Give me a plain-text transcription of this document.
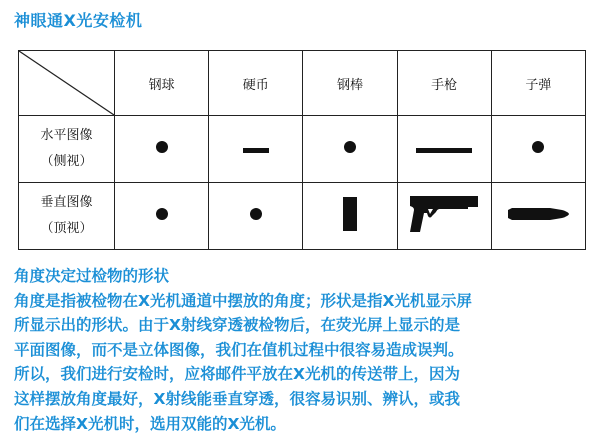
神眼通X光安检机
	钢球	硬币	钢棒	手枪	子弹

水平图像
（侧视）					

垂直图像
（顶视）

角度决定过检物的形状

角度是指被检物在X光机通道中摆放的角度；形状是指X光机显示屏

所显示出的形状。由于X射线穿透被检物后，在荧光屏上显示的是

平面图像，而不是立体图像，我们在值机过程中很容易造成误判。

所以，我们进行安检时，应将邮件平放在X光机的传送带上，因为

这样摆放角度最好，X射线能垂直穿透，很容易识别、辨认，或我

们在选择X光机时，选用双能的X光机。
